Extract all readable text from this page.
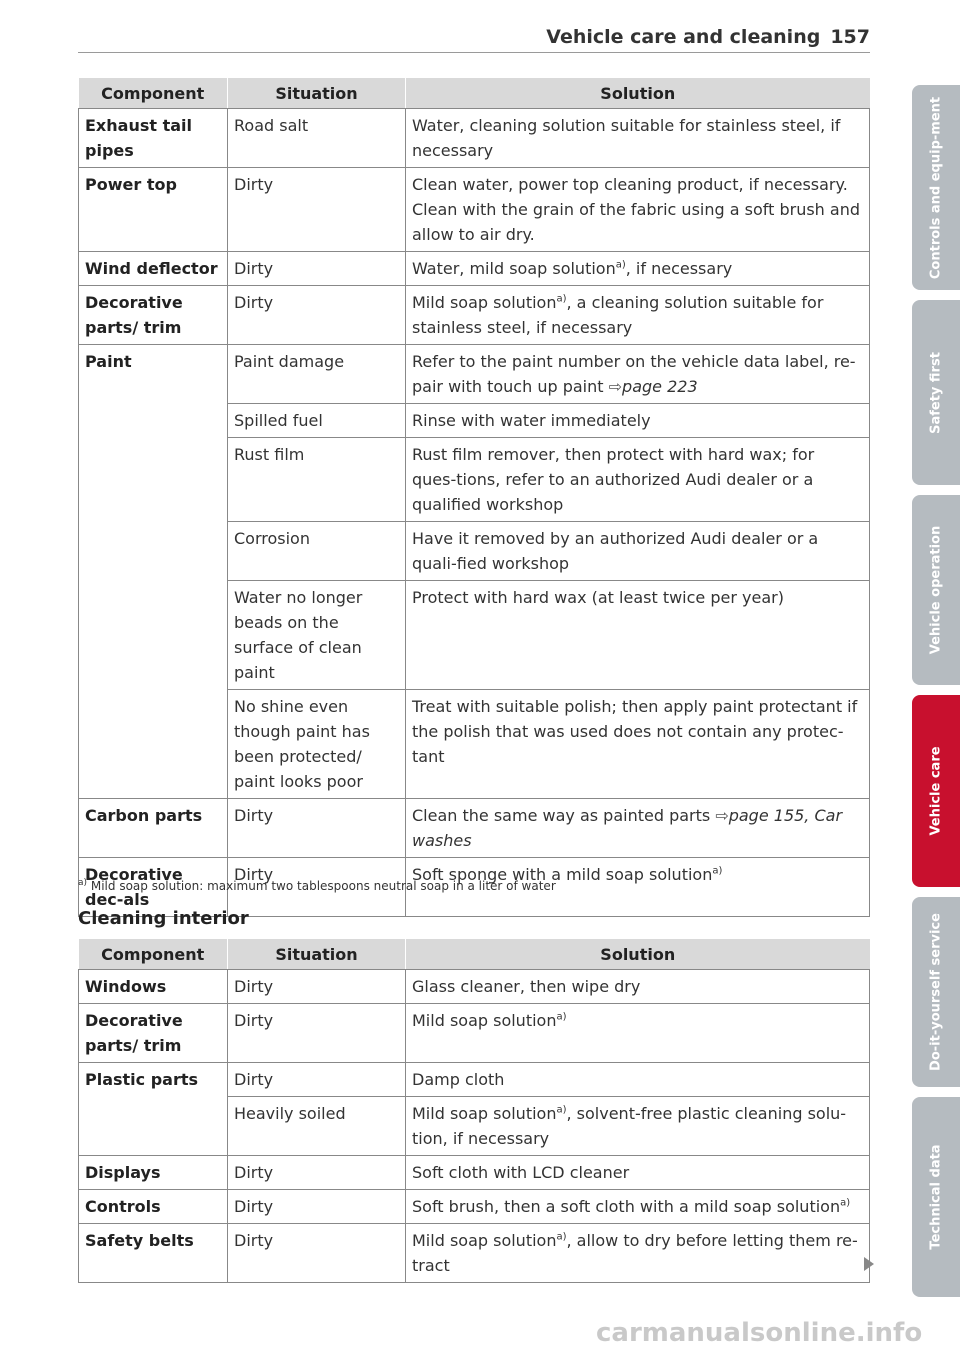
Vehicle care and cleaning 157
Component	Situation	Solution
Exhaust tail pipes	Road salt	Water, cleaning solution suitable for stainless steel, if necessary
Power top	Dirty	Clean water, power top cleaning product, if necessary. Clean with the grain of the fabric using a soft brush and allow to air dry.
Wind deflector	Dirty	Water, mild soap solution$^{a)}$, if necessary
Decorative parts/ trim	Dirty	Mild soap solution$^{a)}$, a cleaning solution suitable for stainless steel, if necessary
Paint	Paint damage	Refer to the paint number on the vehicle data label, re-pair with touch up paint ⇨page 223
	Spilled fuel	Rinse with water immediately
	Rust film	Rust film remover, then protect with hard wax; for ques-tions, refer to an authorized Audi dealer or a qualified workshop
	Corrosion	Have it removed by an authorized Audi dealer or a quali-fied workshop
	Water no longer beads on the surface of clean paint	Protect with hard wax (at least twice per year)
	No shine even though paint has been protected/ paint looks poor	Treat with suitable polish; then apply paint protectant if the polish that was used does not contain any protec-tant
Carbon parts	Dirty	Clean the same way as painted parts ⇨page 155, Car washes
Decorative dec-als	Dirty	Soft sponge with a mild soap solution$^{a)}$
$^{a)}$ Mild soap solution: maximum two tablespoons neutral soap in a liter of water
Cleaning interior
Component	Situation	Solution
Windows	Dirty	Glass cleaner, then wipe dry
Decorative parts/ trim	Dirty	Mild soap solution$^{a)}$
Plastic parts	Dirty	Damp cloth
	Heavily soiled	Mild soap solution$^{a)}$, solvent-free plastic cleaning solu-tion, if necessary
Displays	Dirty	Soft cloth with LCD cleaner
Controls	Dirty	Soft brush, then a soft cloth with a mild soap solution$^{a)}$
Safety belts	Dirty	Mild soap solution$^{a)}$, allow to dry before letting them re-tract
Controls and equip-ment
Safety first
Vehicle operation
Vehicle care
Do-it-yourself service
Technical data
carmanualsonline.info
